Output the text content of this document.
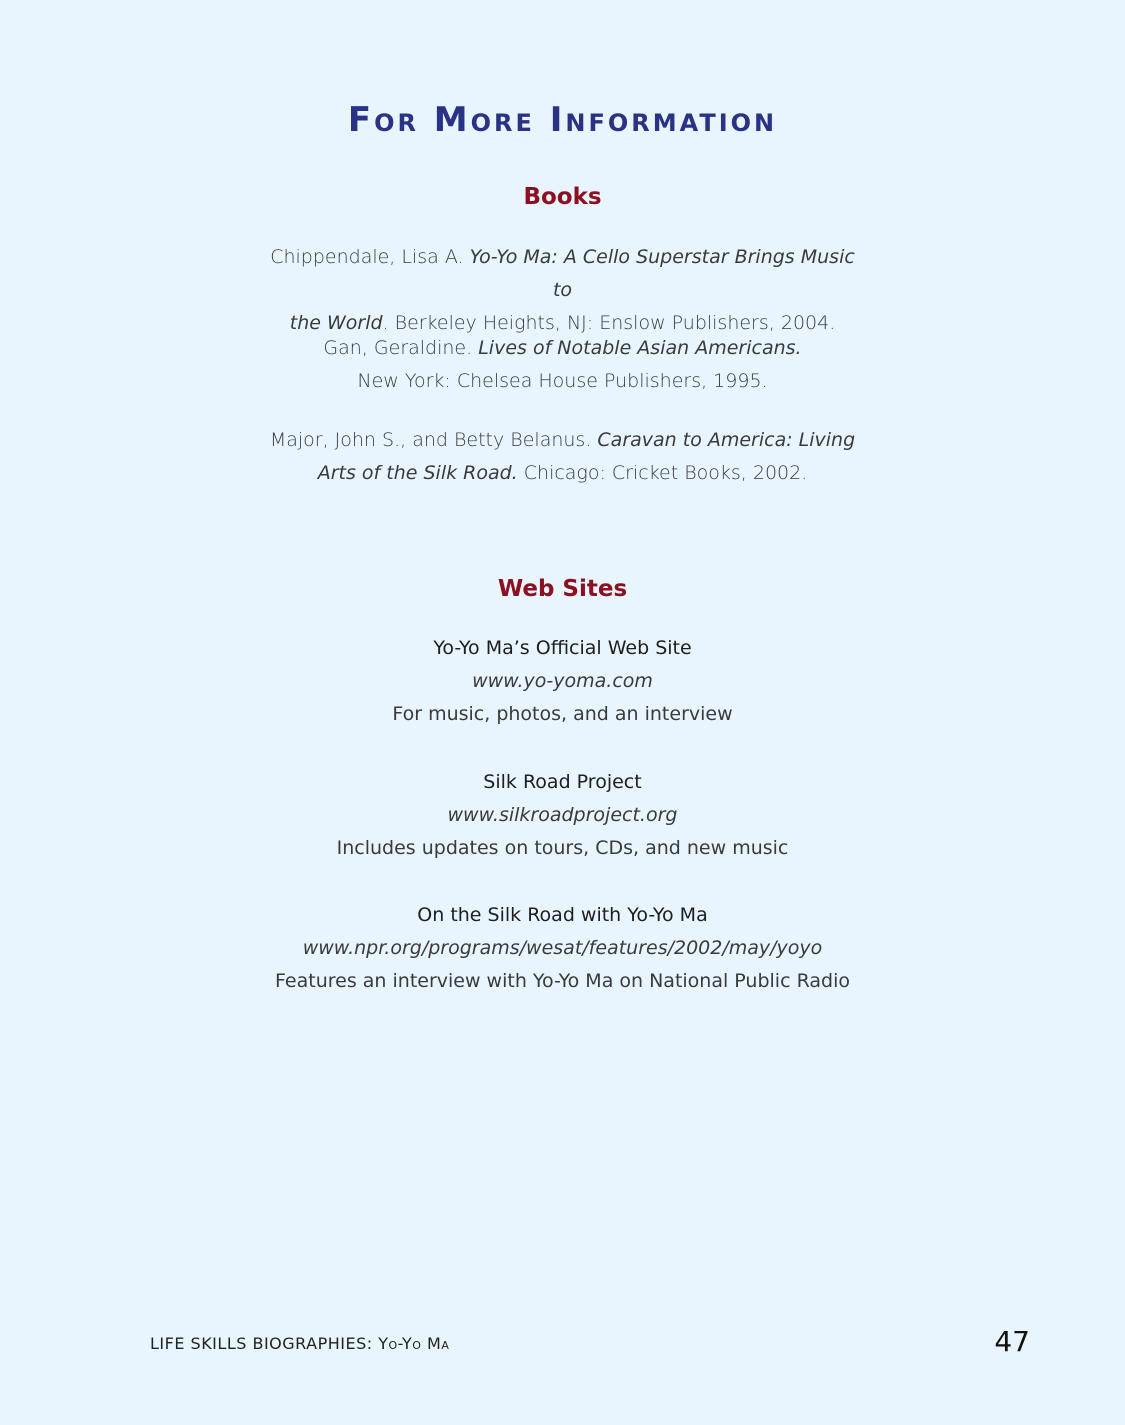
For More Information
Books

Chippendale, Lisa A. Yo-Yo Ma: A Cello Superstar Brings Music to
the World. Berkeley Heights, NJ: Enslow Publishers, 2004.

Gan, Geraldine. Lives of Notable Asian Americans.
New York: Chelsea House Publishers, 1995.

Major, John S., and Betty Belanus. Caravan to America: Living
Arts of the Silk Road. Chicago: Cricket Books, 2002.

Web Sites
Yo-Yo Ma’s Official Web Site
www.yo-yoma.com
For music, photos, and an interview
Silk Road Project
www.silkroadproject.org
Includes updates on tours, CDs, and new music
On the Silk Road with Yo-Yo Ma
www.npr.org/programs/wesat/features/2002/may/yoyo
Features an interview with Yo-Yo Ma on National Public Radio
LIFE SKILLS BIOGRAPHIES: Yo-Yo Ma	47
